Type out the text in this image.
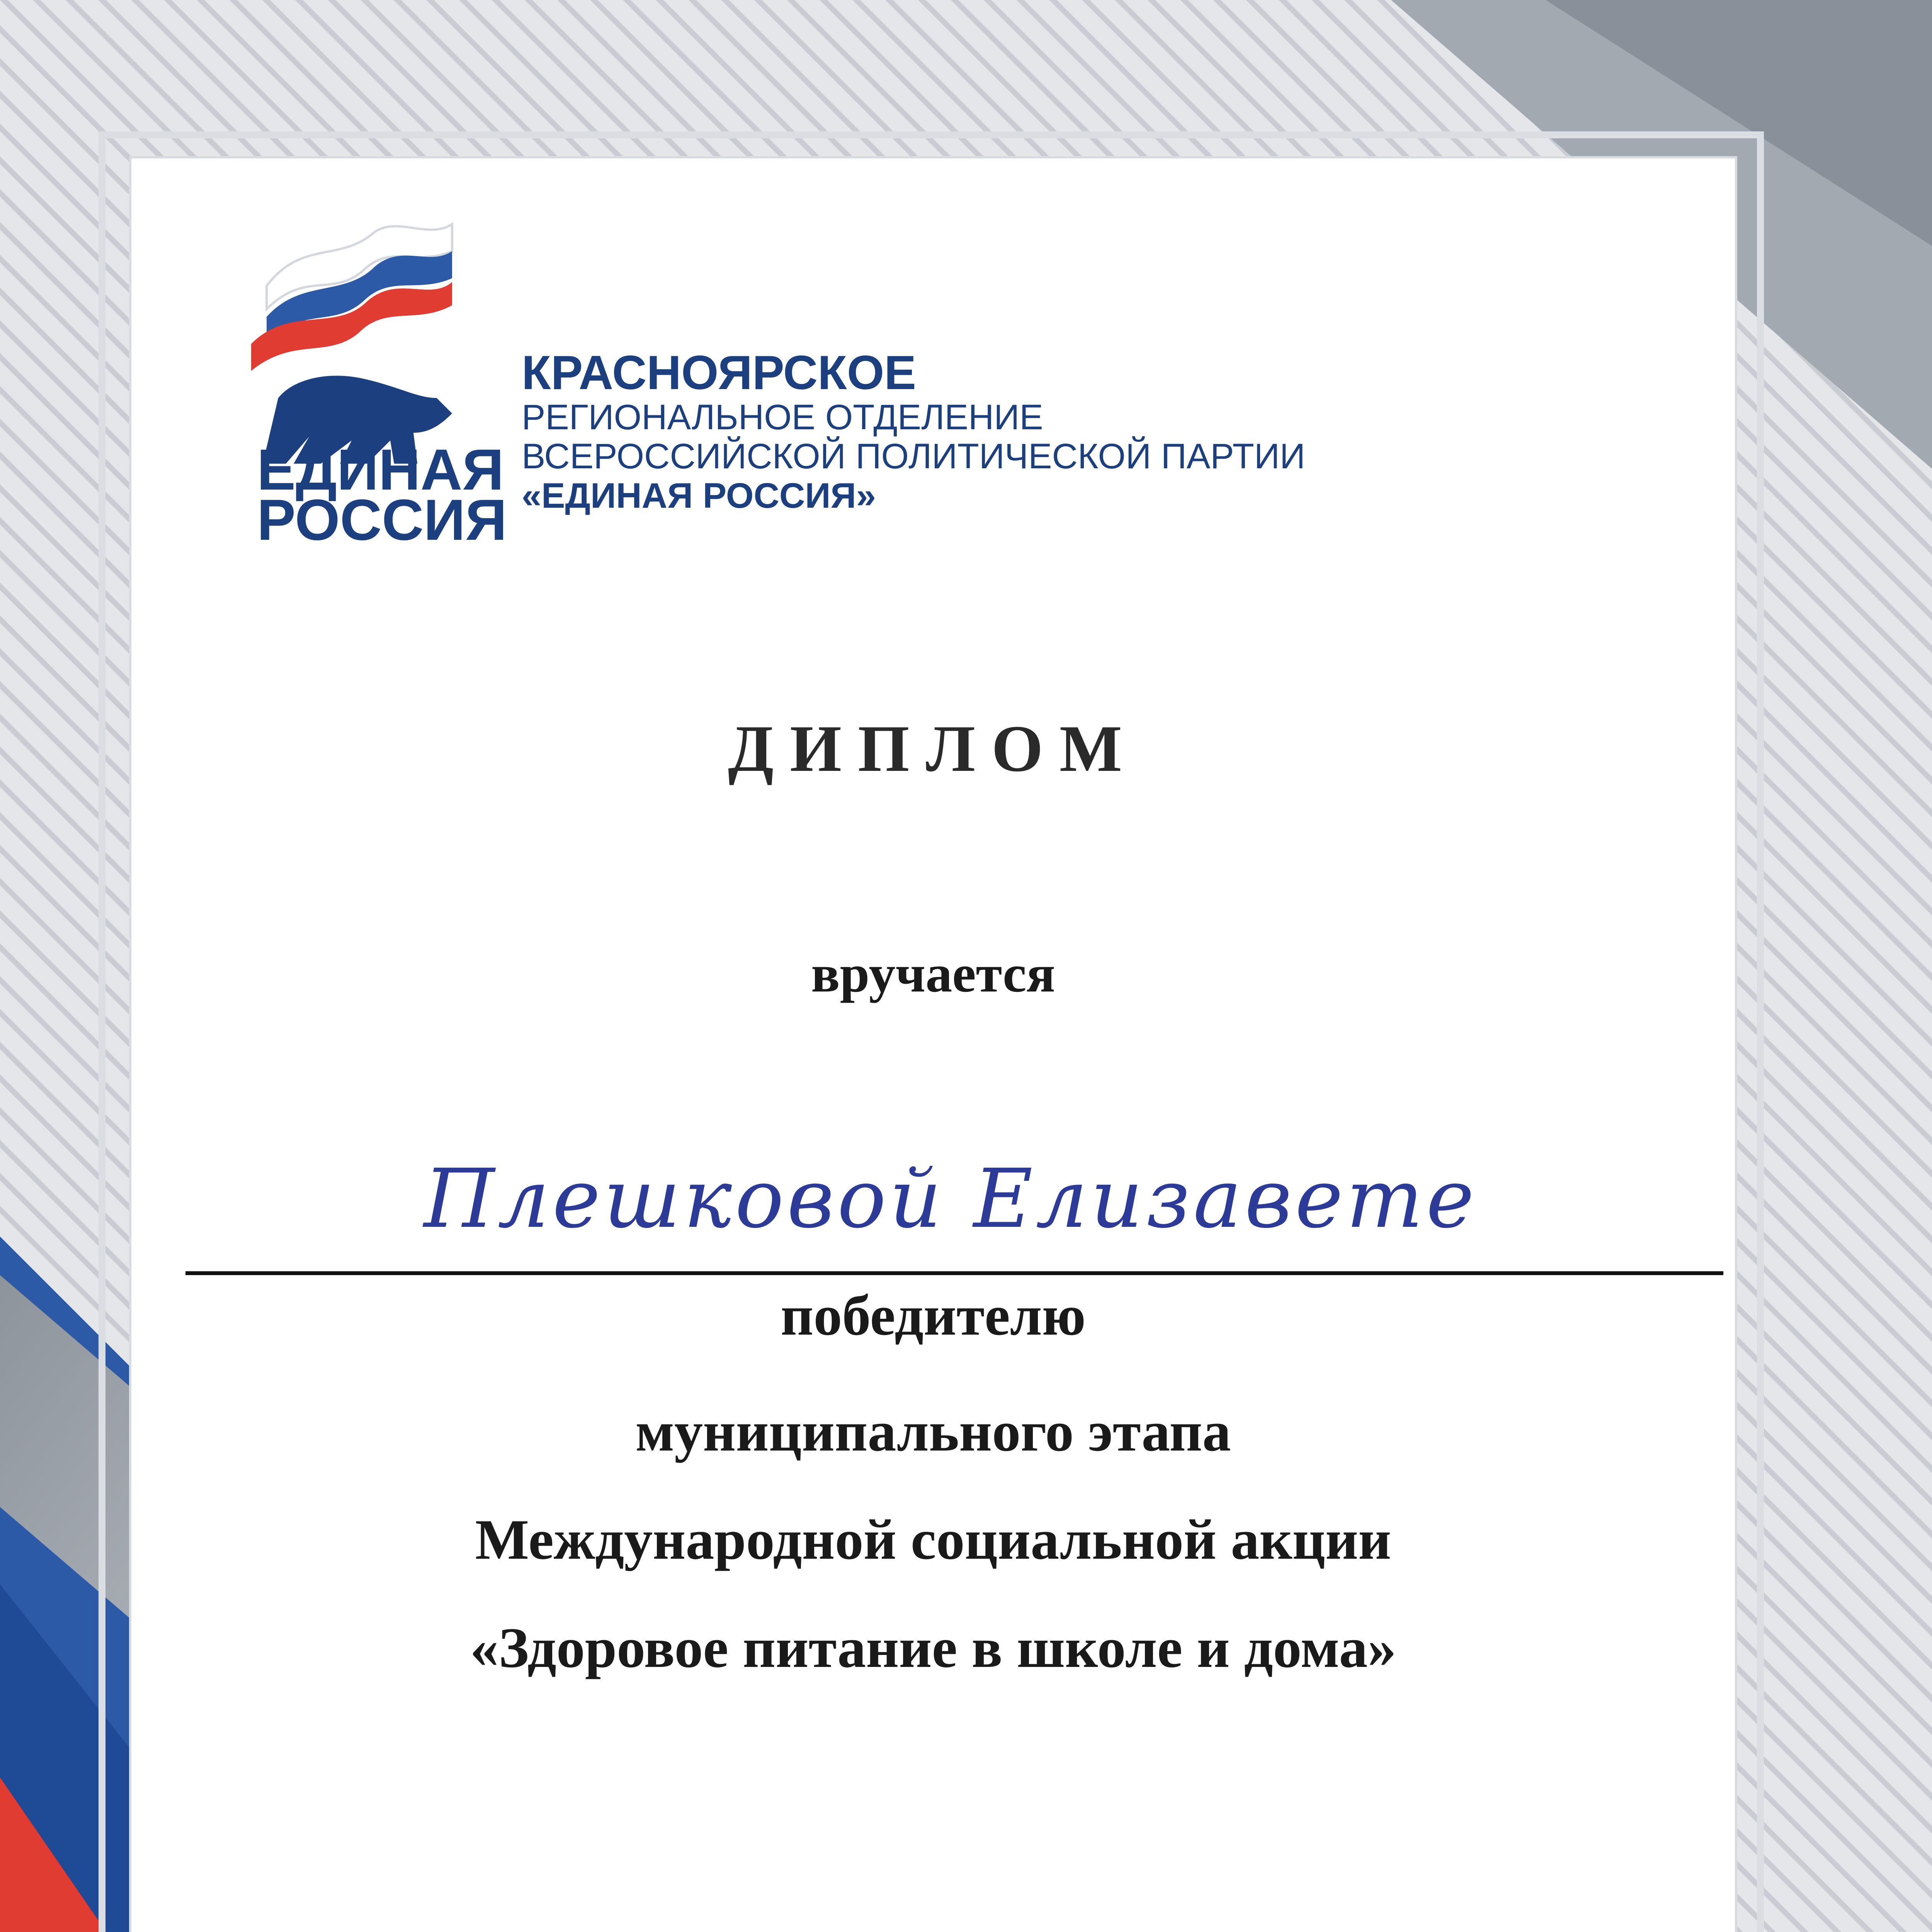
ЕДИНАЯ
РОССИЯ
КРАСНОЯРСКОЕ
РЕГИОНАЛЬНОЕ ОТДЕЛЕНИЕ
ВСЕРОССИЙСКОЙ ПОЛИТИЧЕСКОЙ ПАРТИИ
«ЕДИНАЯ РОССИЯ»
ДИПЛОМ
вручается
Плешковой Елизавете
победителю
муниципального этапа
Международной социальной акции
«Здоровое питание в школе и дома»
